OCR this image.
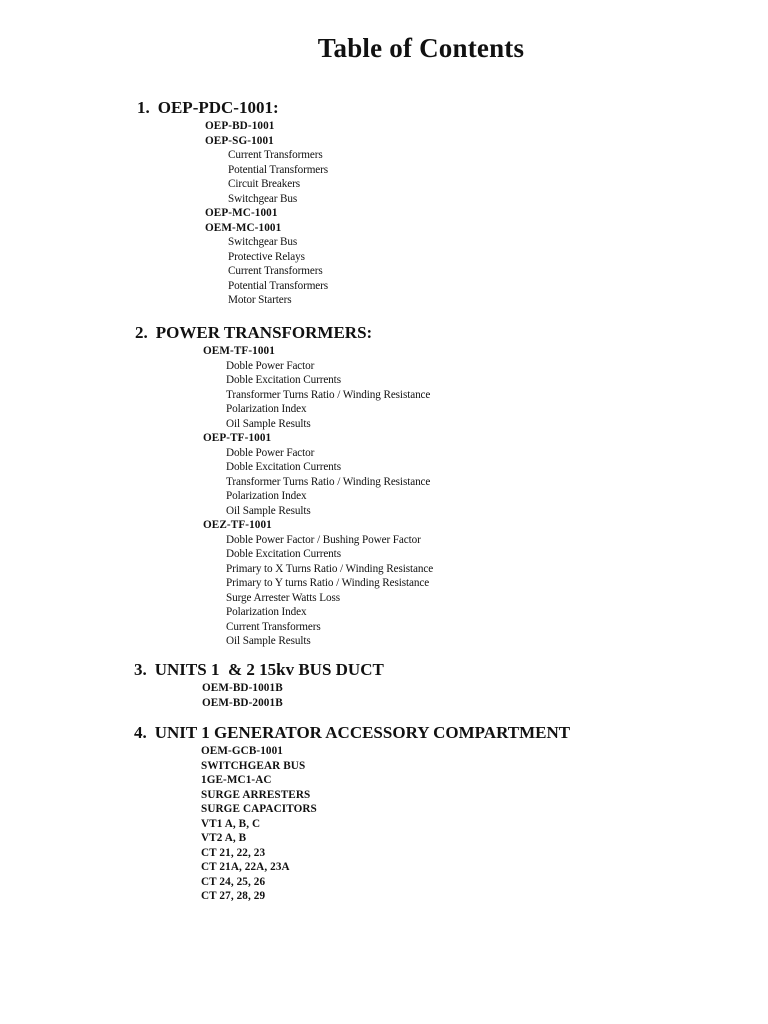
Table of Contents
1. OEP-PDC-1001:
OEP-BD-1001
OEP-SG-1001
Current Transformers
Potential Transformers
Circuit Breakers
Switchgear Bus
OEP-MC-1001
OEM-MC-1001
Switchgear Bus
Protective Relays
Current Transformers
Potential Transformers
Motor Starters
2. POWER TRANSFORMERS:
OEM-TF-1001
Doble Power Factor
Doble Excitation Currents
Transformer Turns Ratio / Winding Resistance
Polarization Index
Oil Sample Results
OEP-TF-1001
Doble Power Factor
Doble Excitation Currents
Transformer Turns Ratio / Winding Resistance
Polarization Index
Oil Sample Results
OEZ-TF-1001
Doble Power Factor / Bushing Power Factor
Doble Excitation Currents
Primary to X Turns Ratio / Winding Resistance
Primary to Y turns Ratio / Winding Resistance
Surge Arrester Watts Loss
Polarization Index
Current Transformers
Oil Sample Results
3. UNITS 1  & 2 15kv BUS DUCT
OEM-BD-1001B
OEM-BD-2001B
4. UNIT 1 GENERATOR ACCESSORY COMPARTMENT
OEM-GCB-1001
SWITCHGEAR BUS
1GE-MC1-AC
SURGE ARRESTERS
SURGE CAPACITORS
VT1 A, B, C
VT2 A, B
CT 21, 22, 23
CT 21A, 22A, 23A
CT 24, 25, 26
CT 27, 28, 29
